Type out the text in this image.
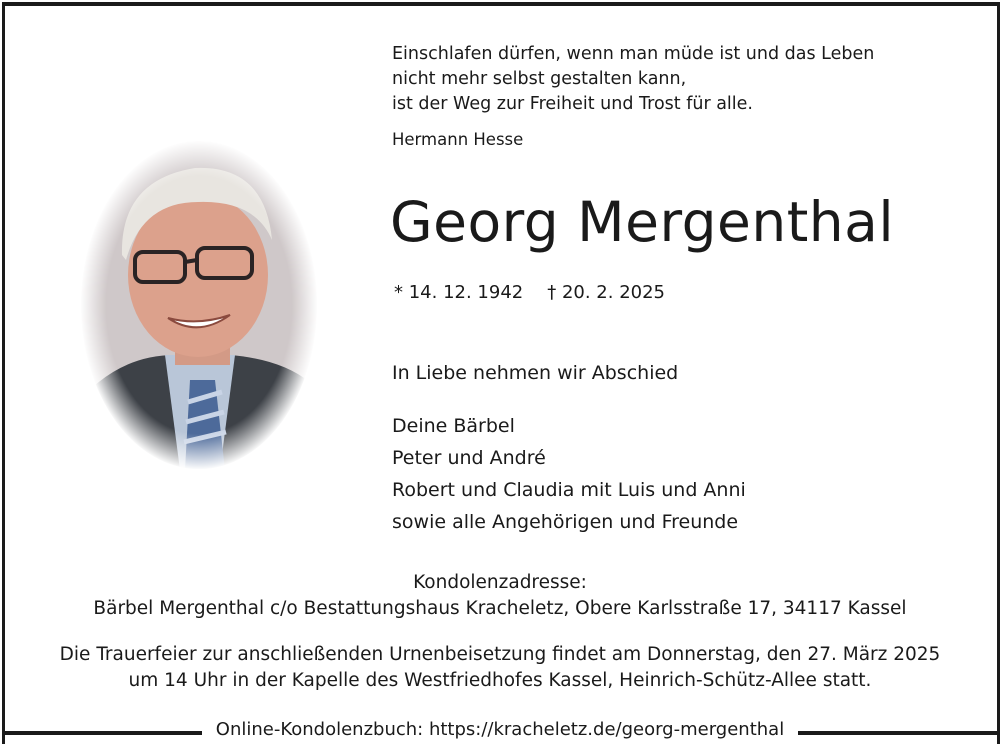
Einschlafen dürfen, wenn man müde ist und das Leben
nicht mehr selbst gestalten kann,
ist der Weg zur Freiheit und Trost für alle.
Hermann Hesse
Georg Mergenthal
* 14. 12. 1942 † 20. 2. 2025
In Liebe nehmen wir Abschied
Deine Bärbel
Peter und André
Robert und Claudia mit Luis und Anni
sowie alle Angehörigen und Freunde
Kondolenzadresse:
Bärbel Mergenthal c/o Bestattungshaus Kracheletz, Obere Karlsstraße 17, 34117 Kassel
Die Trauerfeier zur anschließenden Urnenbeisetzung findet am Donnerstag, den 27. März 2025
um 14 Uhr in der Kapelle des Westfriedhofes Kassel, Heinrich-Schütz-Allee statt.
Online-Kondolenzbuch: https://kracheletz.de/georg-mergenthal
